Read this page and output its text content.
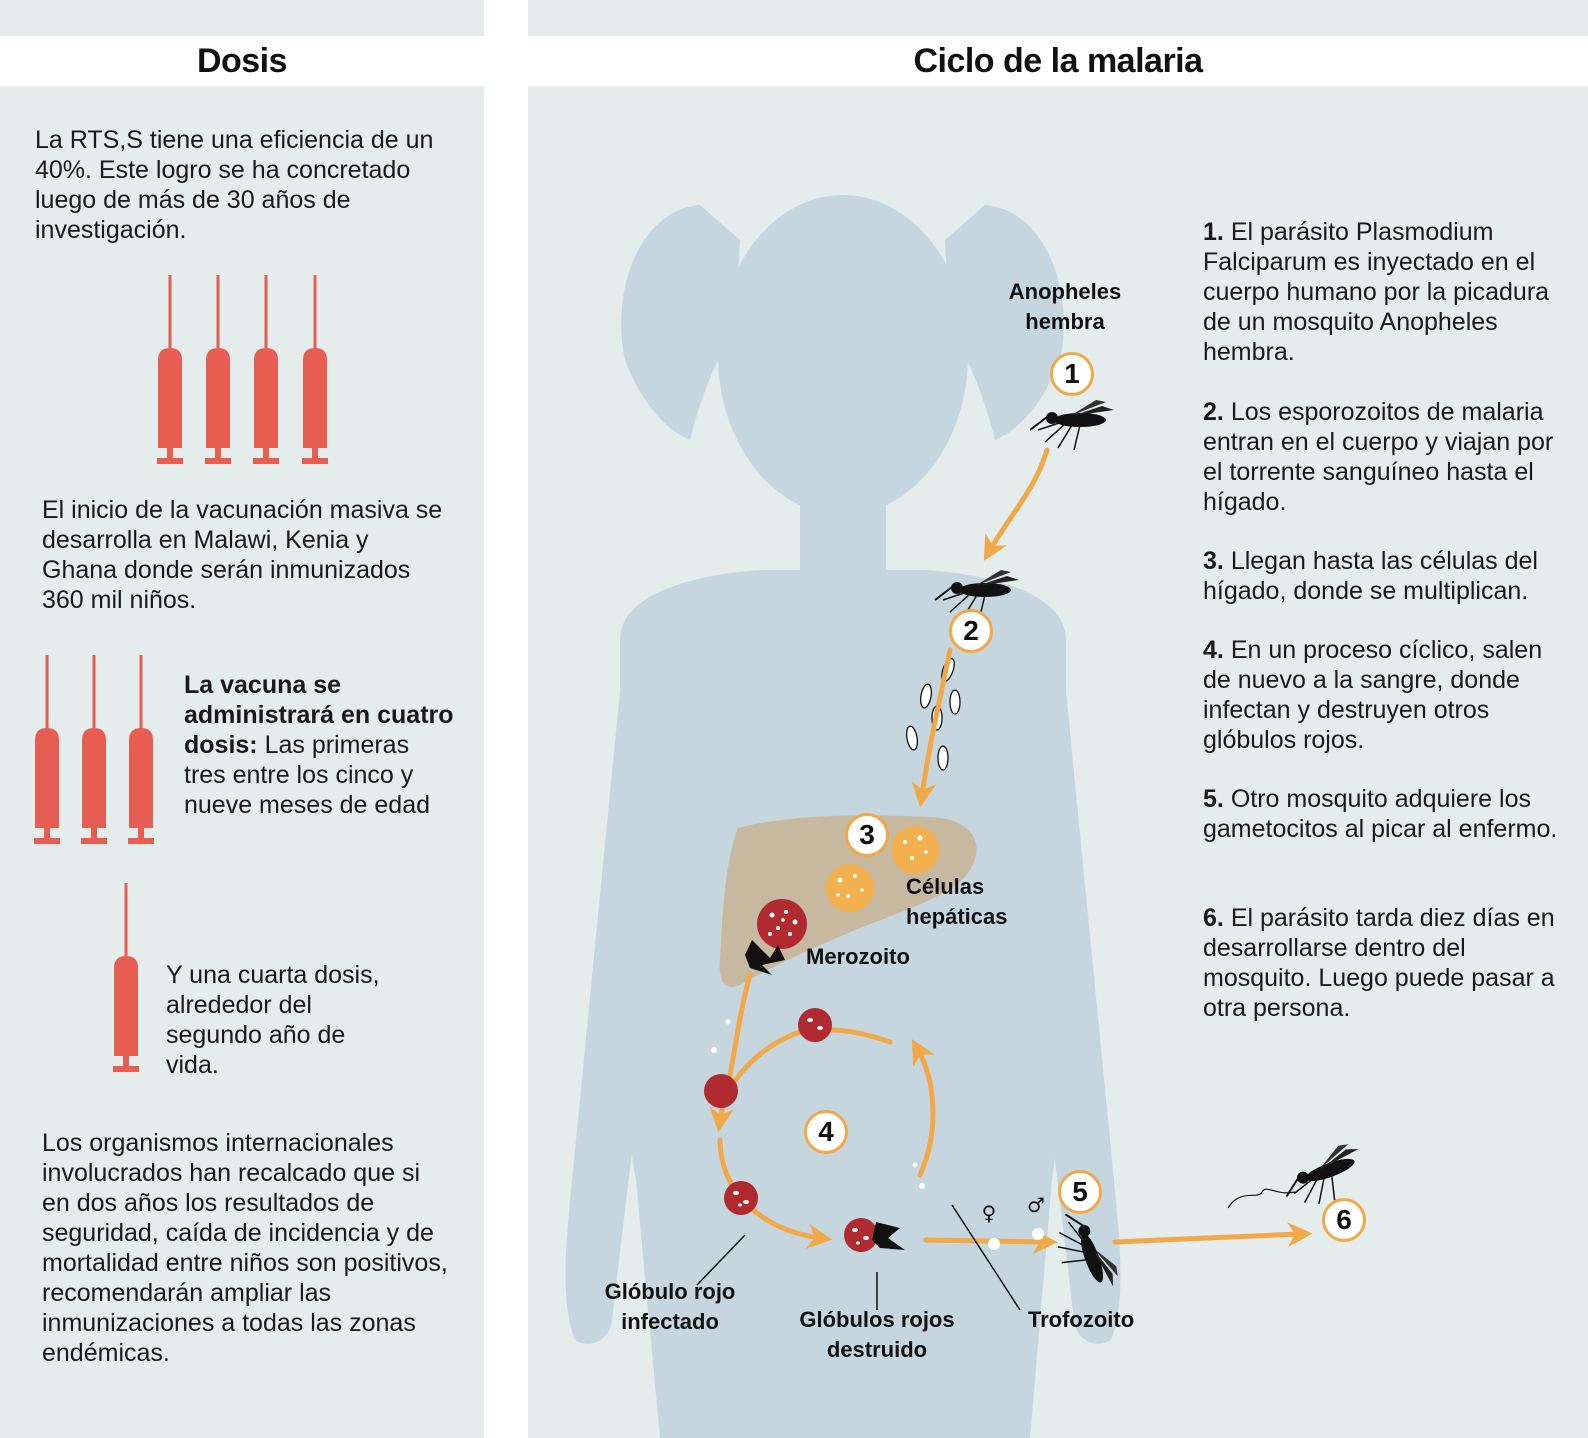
Dosis	Ciclo de la malaria
La RTS,S tiene una eficiencia de un 40%. Este logro se ha concretado luego de más de 30 años de investigación.
El inicio de la vacunación masiva se desarrolla en Malawi, Kenia y Ghana donde serán inmunizados 360 mil niños.
La vacuna se administrará en cuatro dosis: Las primeras tres entre los cinco y nueve meses de edad
Y una cuarta dosis, alrededor del segundo año de vida.
Los organismos internacionales involucrados han recalcado que si en dos años los resultados de seguridad, caída de incidencia y de mortalidad entre niños son positivos, recomendarán ampliar las inmunizaciones a todas las zonas endémicas.
Anopheles hembra
Células hepáticas
Merozoito
Glóbulo rojo infectado	Glóbulos rojos destruido
Trofozoito
♀ ♂
1
2
3
4
5
6
1. El parásito Plasmodium Falciparum es inyectado en el cuerpo humano por la picadura de un mosquito Anopheles hembra.
2. Los esporozoitos de malaria entran en el cuerpo y viajan por el torrente sanguíneo hasta el hígado.
3. Llegan hasta las células del hígado, donde se multiplican.
4. En un proceso cíclico, salen de nuevo a la sangre, donde infectan y destruyen otros glóbulos rojos.
5. Otro mosquito adquiere los gametocitos al picar al enfermo.
6. El parásito tarda diez días en desarrollarse dentro del mosquito. Luego puede pasar a otra persona.
